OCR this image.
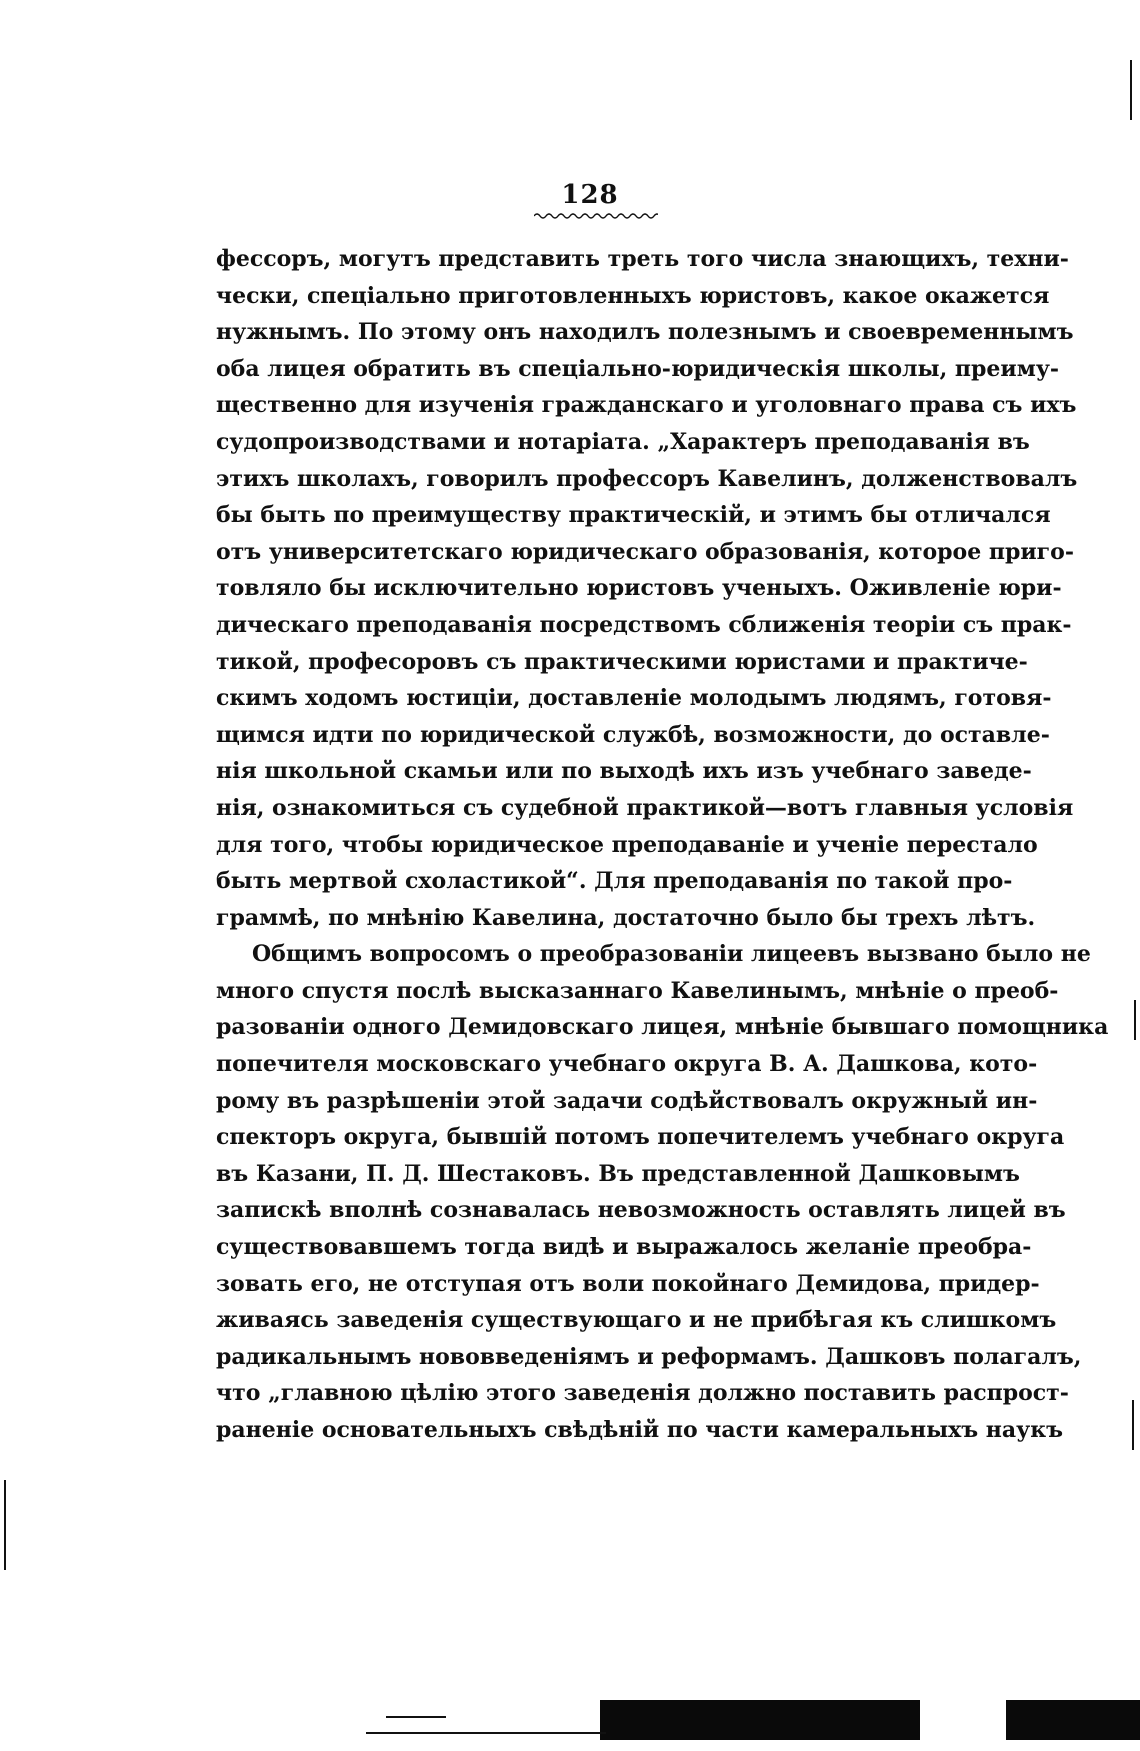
128
фессоръ, могутъ представить треть того числа знающихъ, техни-
чески, спеціально приготовленныхъ юристовъ, какое окажется
нужнымъ. По этому онъ находилъ полезнымъ и своевременнымъ
оба лицея обратить въ спеціально-юридическія школы, преиму-
щественно для изученія гражданскаго и уголовнаго права съ ихъ
судопроизводствами и нотаріата. „Характеръ преподаванія въ
этихъ школахъ, говорилъ профессоръ Кавелинъ, долженствовалъ
бы быть по преимуществу практическій, и этимъ бы отличался
отъ университетскаго юридическаго образованія, которое приго-
товляло бы исключительно юристовъ ученыхъ. Оживленіе юри-
дическаго преподаванія посредствомъ сближенія теоріи съ прак-
тикой, професоровъ съ практическими юристами и практиче-
скимъ ходомъ юстиціи, доставленіе молодымъ людямъ, готовя-
щимся идти по юридической службѣ, возможности, до оставле-
нія школьной скамьи или по выходѣ ихъ изъ учебнаго заведе-
нія, ознакомиться съ судебной практикой—вотъ главныя условія
для того, чтобы юридическое преподаваніе и ученіе перестало
быть мертвой схоластикой“. Для преподаванія по такой про-
граммѣ, по мнѣнію Кавелина, достаточно было бы трехъ лѣтъ.
Общимъ вопросомъ о преобразованіи лицеевъ вызвано было не
много спустя послѣ высказаннаго Кавелинымъ, мнѣніе о преоб-
разованіи одного Демидовскаго лицея, мнѣніе бывшаго помощника
попечителя московскаго учебнаго округа В. А. Дашкова, кото-
рому въ разрѣшеніи этой задачи содѣйствовалъ окружный ин-
спекторъ округа, бывшій потомъ попечителемъ учебнаго округа
въ Казани, П. Д. Шестаковъ. Въ представленной Дашковымъ
запискѣ вполнѣ сознавалась невозможность оставлять лицей въ
существовавшемъ тогда видѣ и выражалось желаніе преобра-
зовать его, не отступая отъ воли покойнаго Демидова, придер-
живаясь заведенія существующаго и не прибѣгая къ слишкомъ
радикальнымъ нововведеніямъ и реформамъ. Дашковъ полагалъ,
что „главною цѣлію этого заведенія должно поставить распрост-
раненіе основательныхъ свѣдѣній по части камеральныхъ наукъ
